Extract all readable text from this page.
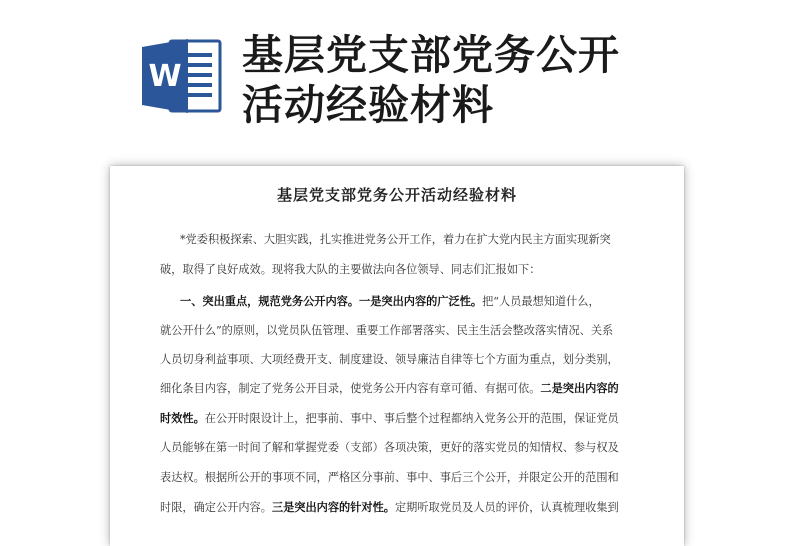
W 基层党支部党务公开
活动经验材料
基层党支部党务公开活动经验材料
*党委积极探索、大胆实践，扎实推进党务公开工作，着力在扩大党内民主方面实现新突
破，取得了良好成效。现将我大队的主要做法向各位领导、同志们汇报如下：
一、突出重点，规范党务公开内容。一是突出内容的广泛性。把“人员最想知道什么，
就公开什么”的原则，以党员队伍管理、重要工作部署落实、民主生活会整改落实情况、关系
人员切身利益事项、大项经费开支、制度建设、领导廉洁自律等七个方面为重点，划分类别，
细化条目内容，制定了党务公开目录，使党务公开内容有章可循、有据可依。二是突出内容的
时效性。在公开时限设计上，把事前、事中、事后整个过程都纳入党务公开的范围，保证党员
人员能够在第一时间了解和掌握党委（支部）各项决策，更好的落实党员的知情权、参与权及
表达权。根据所公开的事项不同，严格区分事前、事中、事后三个公开，并限定公开的范围和
时限，确定公开内容。三是突出内容的针对性。定期听取党员及人员的评价，认真梳理收集到
